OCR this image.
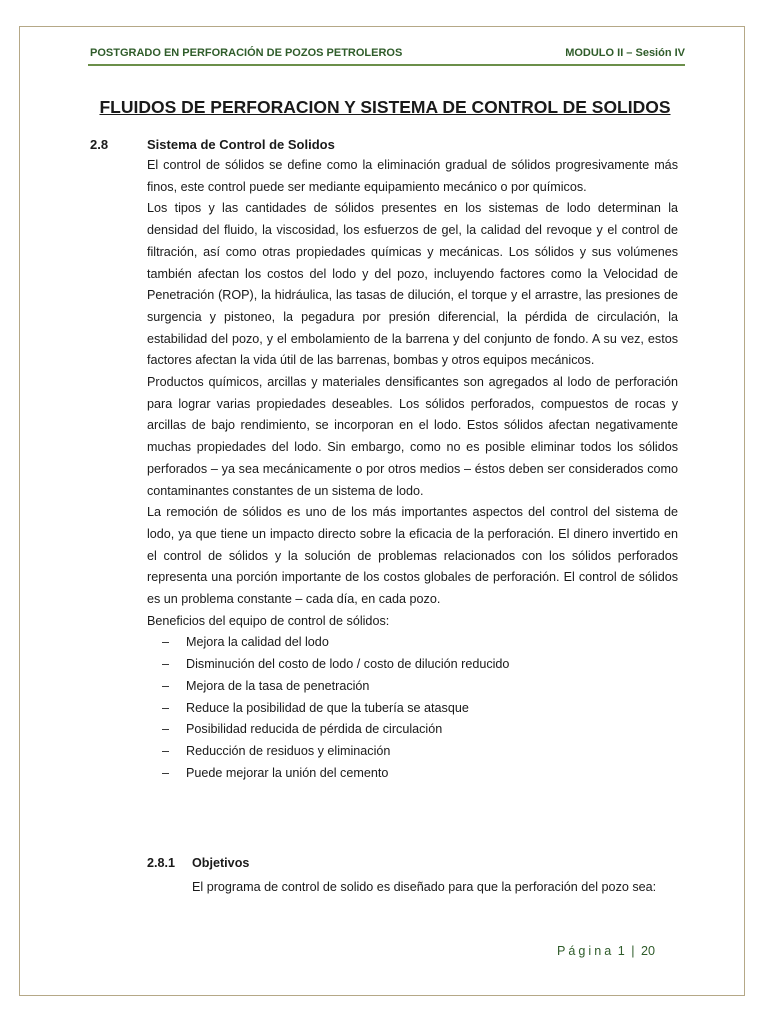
POSTGRADO EN PERFORACIÓN DE POZOS PETROLEROS	MODULO II – Sesión IV
FLUIDOS DE PERFORACION Y SISTEMA DE CONTROL DE SOLIDOS
2.8	Sistema de Control de Solidos

El control de sólidos se define como la eliminación gradual de sólidos progresivamente más finos, este control puede ser mediante equipamiento mecánico o por químicos.

Los tipos y las cantidades de sólidos presentes en los sistemas de lodo determinan la densidad del fluido, la viscosidad, los esfuerzos de gel, la calidad del revoque y el control de filtración, así como otras propiedades químicas y mecánicas. Los sólidos y sus volúmenes también afectan los costos del lodo y del pozo, incluyendo factores como la Velocidad de Penetración (ROP), la hidráulica, las tasas de dilución, el torque y el arrastre, las presiones de surgencia y pistoneo, la pegadura por presión diferencial, la pérdida de circulación, la estabilidad del pozo, y el embolamiento de la barrena y del conjunto de fondo. A su vez, estos factores afectan la vida útil de las barrenas, bombas y otros equipos mecánicos.

Productos químicos, arcillas y materiales densificantes son agregados al lodo de perforación para lograr varias propiedades deseables. Los sólidos perforados, compuestos de rocas y arcillas de bajo rendimiento, se incorporan en el lodo. Estos sólidos afectan negativamente muchas propiedades del lodo. Sin embargo, como no es posible eliminar todos los sólidos perforados – ya sea mecánicamente o por otros medios – éstos deben ser considerados como contaminantes constantes de un sistema de lodo.

La remoción de sólidos es uno de los más importantes aspectos del control del sistema de lodo, ya que tiene un impacto directo sobre la eficacia de la perforación. El dinero invertido en el control de sólidos y la solución de problemas relacionados con los sólidos perforados representa una porción importante de los costos globales de perforación. El control de sólidos es un problema constante – cada día, en cada pozo.

Beneficios del equipo de control de sólidos:

– Mejora la calidad del lodo
– Disminución del costo de lodo / costo de dilución reducido
– Mejora de la tasa de penetración
– Reduce la posibilidad de que la tubería se atasque
– Posibilidad reducida de pérdida de circulación
– Reducción de residuos y eliminación
– Puede mejorar la unión del cemento
2.8.1 Objetivos
El programa de control de solido es diseñado para que la perforación del pozo sea:
Página 1 | 20
